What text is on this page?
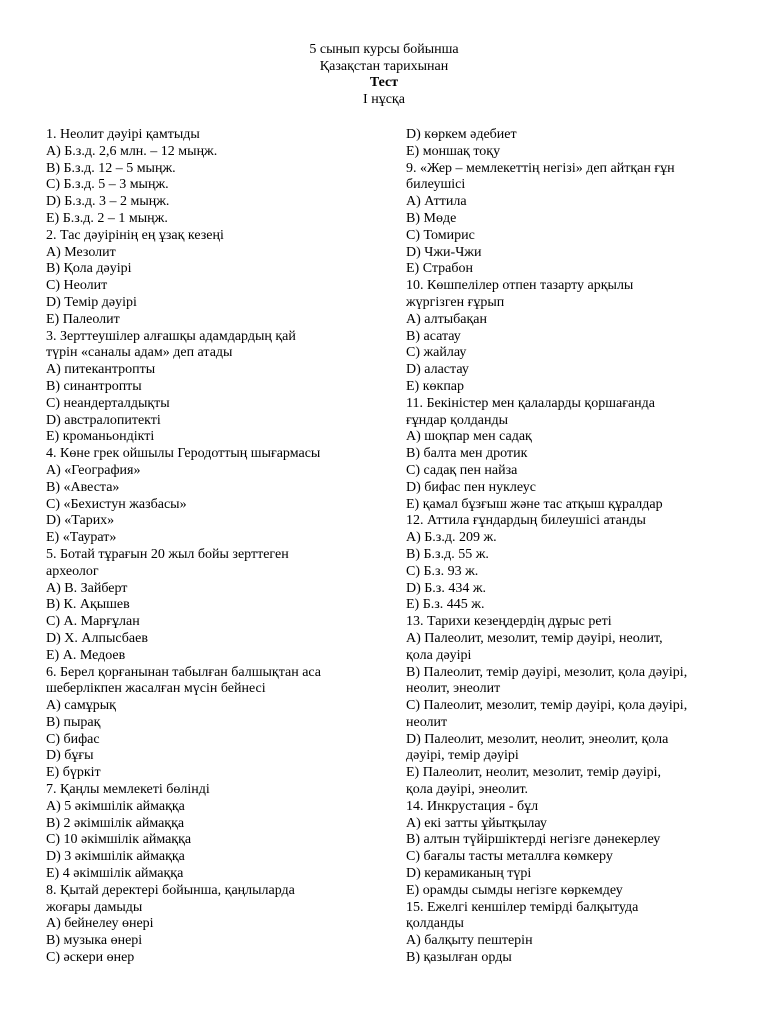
5 сынып курсы бойынша
Қазақстан тарихынан
Тест
І нұсқа
1. Неолит дәуірі қамтыды
А) Б.з.д. 2,6 млн. – 12 мыңж.
В) Б.з.д. 12 – 5 мыңж.
С) Б.з.д. 5 – 3 мыңж.
D) Б.з.д. 3 – 2 мыңж.
Е) Б.з.д. 2 – 1 мыңж.
2. Тас дәуірінің ең ұзақ кезеңі
А) Мезолит
В) Қола дәуірі
С) Неолит
D) Темір дәуірі
Е) Палеолит
3. Зерттеушілер алғашқы адамдардың қай
түрін «саналы адам» деп атады
А) питекантропты
В) синантропты
С) неандерталдықты
D) австралопитекті
Е) кроманьондікті
4. Көне грек ойшылы Геродоттың шығармасы
А) «География»
В) «Авеста»
С) «Бехистун жазбасы»
D) «Тарих»
Е) «Таурат»
5. Ботай тұрағын 20 жыл бойы зерттеген
археолог
А) В. Зайберт
В) К. Ақышев
С) А. Марғұлан
D) Х. Алпысбаев
Е) А. Медоев
6. Берел қорғанынан табылған балшықтан аса
шеберлікпен жасалған мүсін бейнесі
А) самұрық
В) пырақ
С) бифас
D) бұғы
Е) бүркіт
7. Қаңлы мемлекеті бөлінді
А) 5 әкімшілік аймаққа
В) 2 әкімшілік аймаққа
С) 10 әкімшілік аймаққа
D) 3 әкімшілік аймаққа
Е) 4 әкімшілік аймаққа
8. Қытай деректері бойынша, қаңлыларда
жоғары дамыды
А) бейнелеу өнері
В) музыка өнері
С) әскери өнер
D) көркем әдебиет
Е) моншақ тоқу
9. «Жер – мемлекеттің негізі» деп айтқан ғұн
билеушісі
А) Аттила
В) Мөде
С) Томирис
D) Чжи-Чжи
Е) Страбон
10. Көшпелілер отпен тазарту арқылы
жүргізген ғұрып
А) алтыбақан
В) асатау
С) жайлау
D) аластау
Е) көкпар
11. Бекіністер мен қалаларды қоршағанда
ғұндар қолданды
А) шоқпар мен садақ
В) балта мен дротик
С) садақ пен найза
D) бифас пен нуклеус
Е) қамал бұзғыш және тас атқыш құралдар
12. Аттила ғұндардың билеушісі атанды
А) Б.з.д. 209 ж.
В) Б.з.д. 55 ж.
С) Б.з. 93 ж.
D) Б.з. 434 ж.
Е) Б.з. 445 ж.
13. Тарихи кезеңдердің дұрыс реті
А) Палеолит, мезолит, темір дәуірі, неолит,
қола дәуірі
В) Палеолит, темір дәуірі, мезолит, қола дәуірі,
неолит, энеолит
С) Палеолит, мезолит, темір дәуірі, қола дәуірі,
неолит
D) Палеолит, мезолит, неолит, энеолит, қола
дәуірі, темір дәуірі
Е) Палеолит, неолит, мезолит, темір дәуірі,
қола дәуірі, энеолит.
14. Инкрустация - бұл
А) екі затты ұйытқылау
В) алтын түйіршіктерді негізге дәнекерлеу
С) бағалы тасты металлға көмкеру
D) керамиканың түрі
Е) орамды сымды негізге көркемдеу
15. Ежелгі кеншілер темірді балқытуда
қолданды
А) балқыту пештерін
В) қазылған орды
